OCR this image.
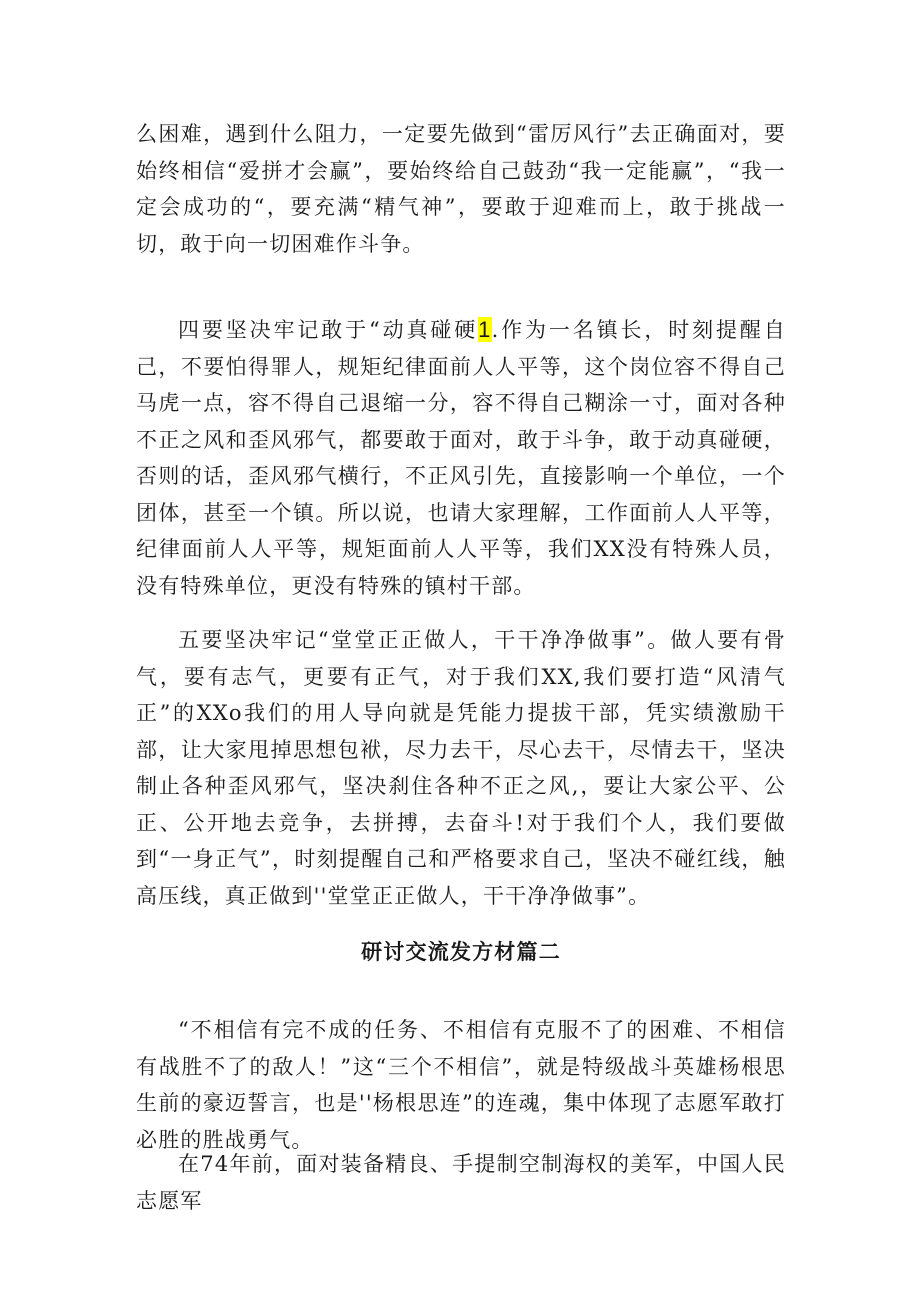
么困难，遇到什么阻力，一定要先做到“雷厉风行”去正确面对，要始终相信“爱拼才会赢”，要始终给自己鼓劲“我一定能赢”，“我一定会成功的“，要充满“精气神”，要敢于迎难而上，敢于挑战一切，敢于向一切困难作斗争。

四要坚决牢记敢于“动真碰硬1.作为一名镇长，时刻提醒自己，不要怕得罪人，规矩纪律面前人人平等，这个岗位容不得自己马虎一点，容不得自己退缩一分，容不得自己糊涂一寸，面对各种不正之风和歪风邪气，都要敢于面对，敢于斗争，敢于动真碰硬，否则的话，歪风邪气横行，不正风引先，直接影响一个单位，一个团体，甚至一个镇。所以说，也请大家理解，工作面前人人平等，纪律面前人人平等，规矩面前人人平等，我们XX没有特殊人员，没有特殊单位，更没有特殊的镇村干部。

五要坚决牢记“堂堂正正做人，干干净净做事”。做人要有骨气，要有志气，更要有正气，对于我们XX,我们要打造“风清气正”的XXo我们的用人导向就是凭能力提拔干部，凭实绩激励干部，让大家甩掉思想包袱，尽力去干，尽心去干，尽情去干，坚决制止各种歪风邪气，坚决刹住各种不正之风,，要让大家公平、公正、公开地去竞争，去拼搏，去奋斗!对于我们个人，我们要做到“一身正气”，时刻提醒自己和严格要求自己，坚决不碰红线，触高压线，真正做到''堂堂正正做人，干干净净做事”。

研讨交流发方材篇二

“不相信有完不成的任务、不相信有克服不了的困难、不相信有战胜不了的敌人！”这“三个不相信”，就是特级战斗英雄杨根思生前的豪迈誓言，也是''杨根思连”的连魂，集中体现了志愿军敢打必胜的胜战勇气。

在74年前，面对装备精良、手提制空制海权的美军，中国人民志愿军
